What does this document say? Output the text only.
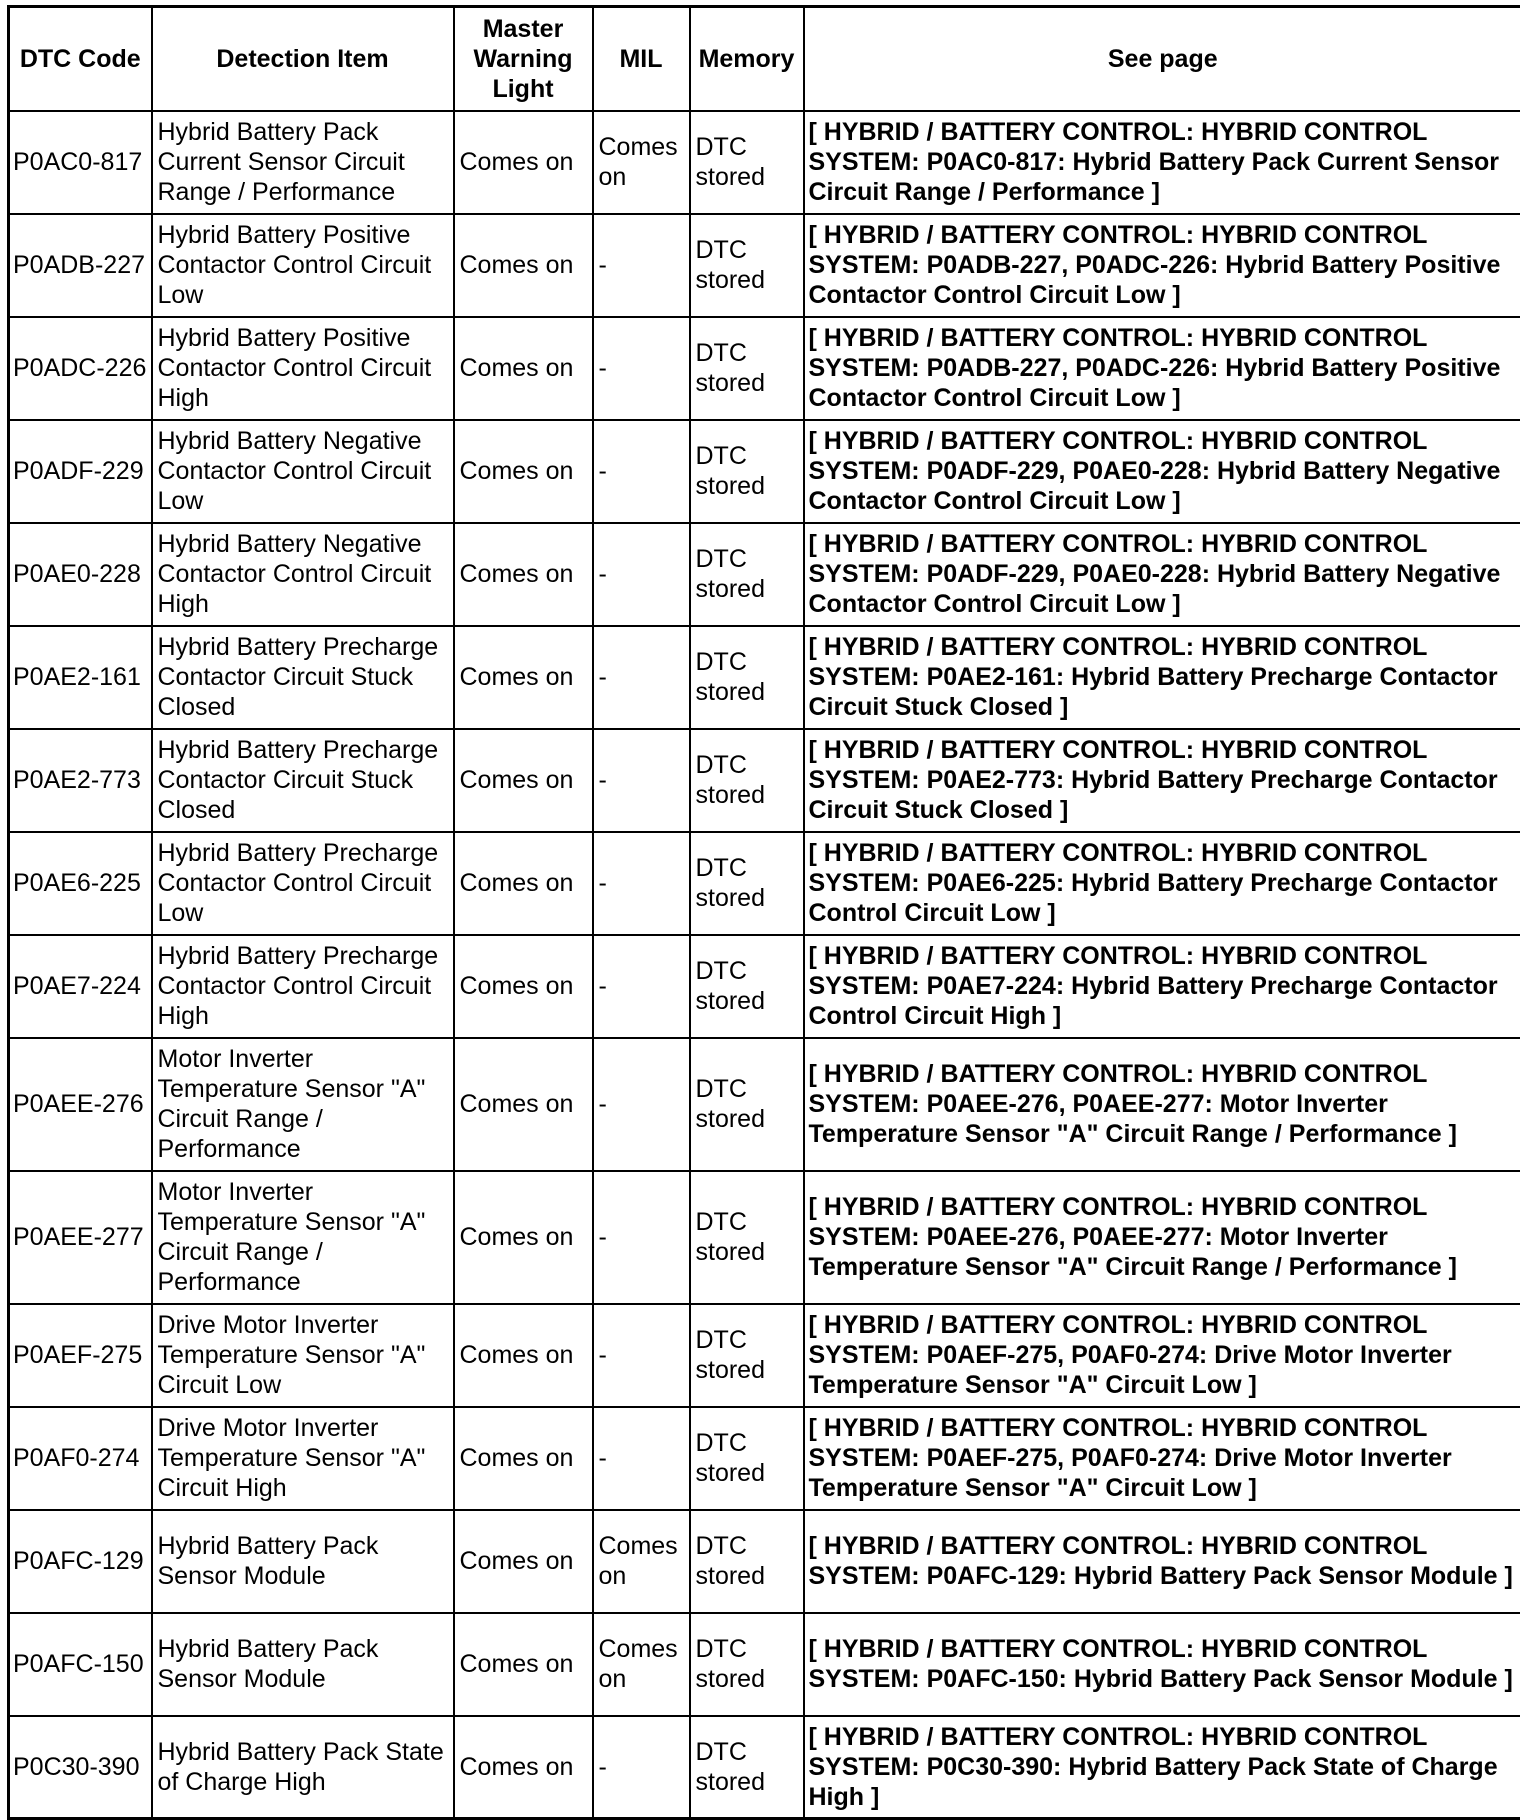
DTC Code	Detection Item	Master Warning Light	MIL	Memory	See page
P0AC0-817	Hybrid Battery Pack Current Sensor Circuit Range / Performance	Comes on	Comes on	DTC stored	[ HYBRID / BATTERY CONTROL: HYBRID CONTROL SYSTEM: P0AC0-817: Hybrid Battery Pack Current Sensor Circuit Range / Performance ]
P0ADB-227	Hybrid Battery Positive Contactor Control Circuit Low	Comes on	-	DTC stored	[ HYBRID / BATTERY CONTROL: HYBRID CONTROL SYSTEM: P0ADB-227, P0ADC-226: Hybrid Battery Positive Contactor Control Circuit Low ]
P0ADC-226	Hybrid Battery Positive Contactor Control Circuit High	Comes on	-	DTC stored	[ HYBRID / BATTERY CONTROL: HYBRID CONTROL SYSTEM: P0ADB-227, P0ADC-226: Hybrid Battery Positive Contactor Control Circuit Low ]
P0ADF-229	Hybrid Battery Negative Contactor Control Circuit Low	Comes on	-	DTC stored	[ HYBRID / BATTERY CONTROL: HYBRID CONTROL SYSTEM: P0ADF-229, P0AE0-228: Hybrid Battery Negative Contactor Control Circuit Low ]
P0AE0-228	Hybrid Battery Negative Contactor Control Circuit High	Comes on	-	DTC stored	[ HYBRID / BATTERY CONTROL: HYBRID CONTROL SYSTEM: P0ADF-229, P0AE0-228: Hybrid Battery Negative Contactor Control Circuit Low ]
P0AE2-161	Hybrid Battery Precharge Contactor Circuit Stuck Closed	Comes on	-	DTC stored	[ HYBRID / BATTERY CONTROL: HYBRID CONTROL SYSTEM: P0AE2-161: Hybrid Battery Precharge Contactor Circuit Stuck Closed ]
P0AE2-773	Hybrid Battery Precharge Contactor Circuit Stuck Closed	Comes on	-	DTC stored	[ HYBRID / BATTERY CONTROL: HYBRID CONTROL SYSTEM: P0AE2-773: Hybrid Battery Precharge Contactor Circuit Stuck Closed ]
P0AE6-225	Hybrid Battery Precharge Contactor Control Circuit Low	Comes on	-	DTC stored	[ HYBRID / BATTERY CONTROL: HYBRID CONTROL SYSTEM: P0AE6-225: Hybrid Battery Precharge Contactor Control Circuit Low ]
P0AE7-224	Hybrid Battery Precharge Contactor Control Circuit High	Comes on	-	DTC stored	[ HYBRID / BATTERY CONTROL: HYBRID CONTROL SYSTEM: P0AE7-224: Hybrid Battery Precharge Contactor Control Circuit High ]
P0AEE-276	Motor Inverter Temperature Sensor "A" Circuit Range / Performance	Comes on	-	DTC stored	[ HYBRID / BATTERY CONTROL: HYBRID CONTROL SYSTEM: P0AEE-276, P0AEE-277: Motor Inverter Temperature Sensor "A" Circuit Range / Performance ]
P0AEE-277	Motor Inverter Temperature Sensor "A" Circuit Range / Performance	Comes on	-	DTC stored	[ HYBRID / BATTERY CONTROL: HYBRID CONTROL SYSTEM: P0AEE-276, P0AEE-277: Motor Inverter Temperature Sensor "A" Circuit Range / Performance ]
P0AEF-275	Drive Motor Inverter Temperature Sensor "A" Circuit Low	Comes on	-	DTC stored	[ HYBRID / BATTERY CONTROL: HYBRID CONTROL SYSTEM: P0AEF-275, P0AF0-274: Drive Motor Inverter Temperature Sensor "A" Circuit Low ]
P0AF0-274	Drive Motor Inverter Temperature Sensor "A" Circuit High	Comes on	-	DTC stored	[ HYBRID / BATTERY CONTROL: HYBRID CONTROL SYSTEM: P0AEF-275, P0AF0-274: Drive Motor Inverter Temperature Sensor "A" Circuit Low ]
P0AFC-129	Hybrid Battery Pack Sensor Module	Comes on	Comes on	DTC stored	[ HYBRID / BATTERY CONTROL: HYBRID CONTROL SYSTEM: P0AFC-129: Hybrid Battery Pack Sensor Module ]
P0AFC-150	Hybrid Battery Pack Sensor Module	Comes on	Comes on	DTC stored	[ HYBRID / BATTERY CONTROL: HYBRID CONTROL SYSTEM: P0AFC-150: Hybrid Battery Pack Sensor Module ]
P0C30-390	Hybrid Battery Pack State of Charge High	Comes on	-	DTC stored	[ HYBRID / BATTERY CONTROL: HYBRID CONTROL SYSTEM: P0C30-390: Hybrid Battery Pack State of Charge High ]
